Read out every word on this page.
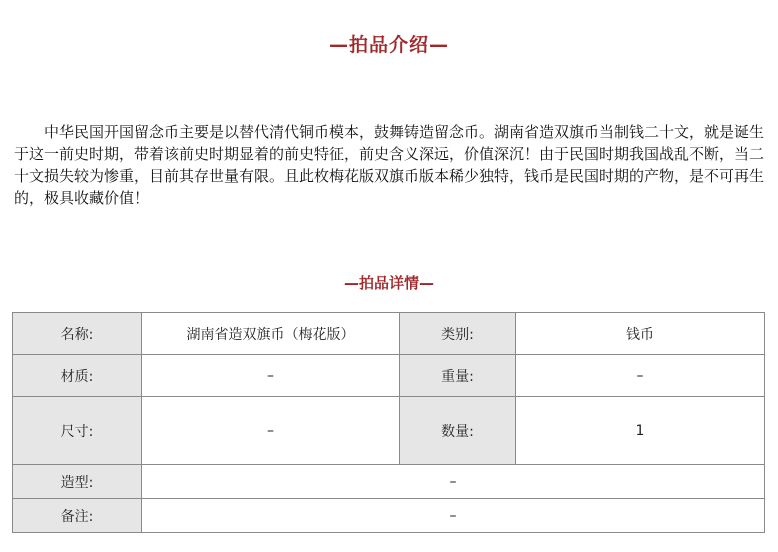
—拍品介绍—

中华民国开国留念币主要是以替代清代铜币模本，鼓舞铸造留念币。湖南省造双旗币当制钱二十文，就是诞生于这一前史时期，带着该前史时期显着的前史特征，前史含义深远，价值深沉！由于民国时期我国战乱不断，当二十文损失较为惨重，目前其存世量有限。且此枚梅花版双旗币版本稀少独特，钱币是民国时期的产物，是不可再生的，极具收藏价值！

—拍品详情—
名称:	湖南省造双旗币（梅花版）	类别:	钱币
材质:	–	重量:	–
尺寸:	–	数量:	1
造型:	–		
备注:	–		
